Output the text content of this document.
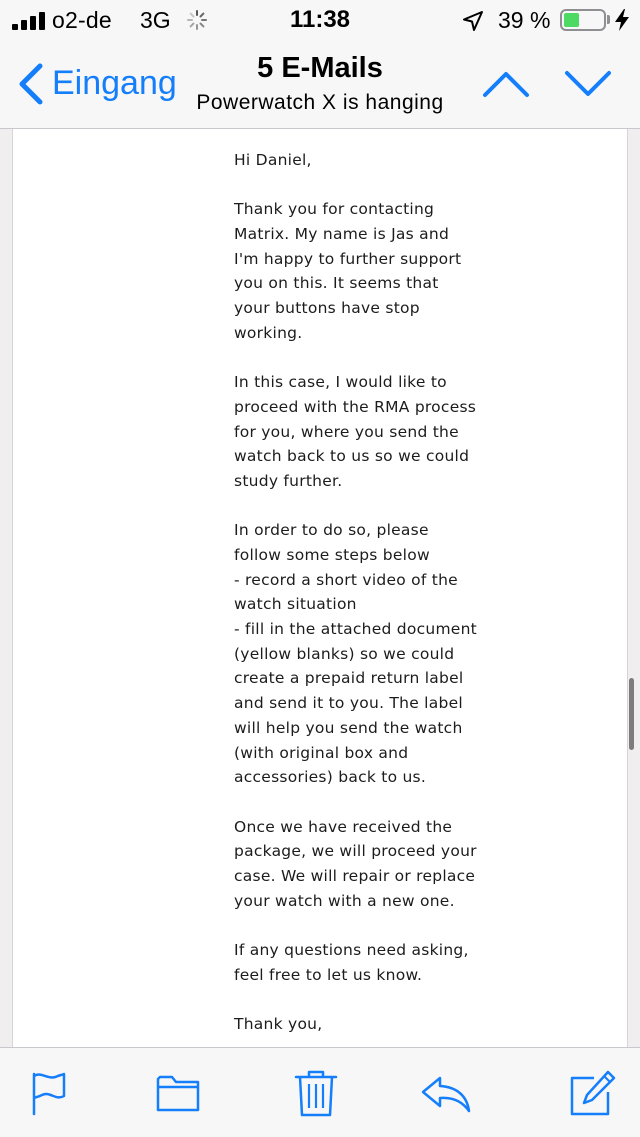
o2-de 3G	11:38	39 %
Eingang	5 E-Mails
Powerwatch X is hanging
Hi Daniel,

Thank you for contacting
Matrix. My name is Jas and
I'm happy to further support
you on this. It seems that
your buttons have stop
working.

In this case, I would like to
proceed with the RMA process
for you, where you send the
watch back to us so we could
study further.

In order to do so, please
follow some steps below
- record a short video of the
watch situation
- fill in the attached document
(yellow blanks) so we could
create a prepaid return label
and send it to you. The label
will help you send the watch
(with original box and
accessories) back to us.

Once we have received the
package, we will proceed your
case. We will repair or replace
your watch with a new one.

If any questions need asking,
feel free to let us know.

Thank you,
